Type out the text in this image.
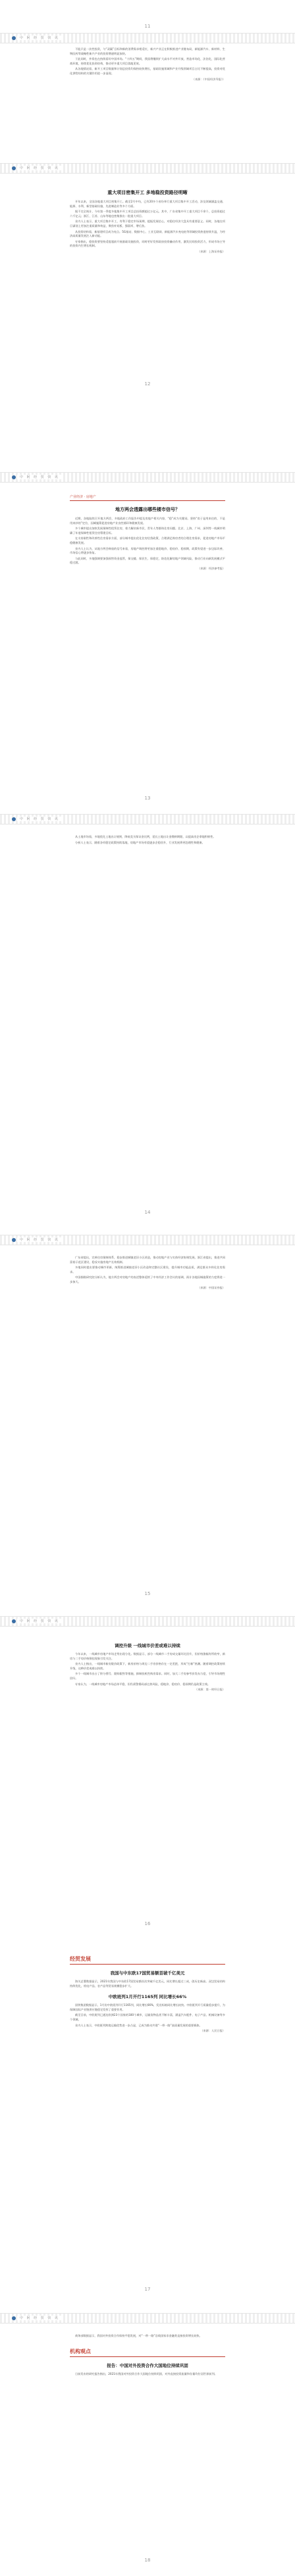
11
中 阿 经 贸 快 讯

不能只是一次性投资，与“双碳”目标和新的消费需求相适应，新兴产业正在积极推进产业链布局，新能源汽车、新材料、生物医药等战略性新兴产业的投资增速明显加快。

于此同时，外资也在持续看好中国市场。“十四五”期间，我国将继续扩大高水平对外开放，营造市场化、法治化、国际化营商环境，持续优化投资结构，推动更多重大项目落地见效。

从各地情况看，新开工项目数量和计划总投资均保持较快增长，基础设施领域和产业升级领域项目占比不断提高，投资对优化供给结构的关键作用进一步显现。

（来源：《中国经济导报》）
12
中 阿 经 贸 快 讯
重大项目密集开工 多地稳投资路径明晰

开年以来，全国各地重大项目密集开工。截至2月中旬，已有20多个省份举行重大项目集中开工活动，涉及领域涵盖交通、能源、水利、新型基础设施、先进制造业等多个方面。

据不完全统计，今年第一季度多地集中开工项目总投资额超过万亿元。其中，广东省集中开工重大项目千余个，总投资超过六千亿元；浙江、江苏、山东等地也密集推出一批重大项目。

业内人士表示，重大项目集中开工，有利于稳定市场预期、提振发展信心，对稳住经济大盘具有重要意义。同时，各地在项目谋划上更加注重质量和效益，聚焦补短板、强弱项、增后劲。

从投资结构看，新基建项目成为亮点。5G基站、数据中心、工业互联网、新能源汽车充电桩等领域投资热度持续升温，为经济高质量发展注入新动能。

专家指出，稳投资要坚持适度超前开展基础设施投资，同时更好发挥政府投资撬动作用，激发民间投资活力，形成市场主导的投资内生增长机制。

（来源：上海证券报）
中 阿 经 贸 快 讯
产业经济 · 房地产
地方两会透露出哪些楼市信号？

近期，各地陆续召开地方两会，多地政府工作报告中提及房地产相关内容，“稳”成为关键词。坚持“房子是用来住的、不是用来炒的”定位，因城施策促进房地产业良性循环和健康发展。

多个城市提出加快发展保障性租赁住房，着力解决新市民、青年人等群体住房问题。北京、上海、广州、深圳等一线城市明确了年度保障性租赁住房筹建目标。

在支持刚性和改善性住房需求方面，部分城市提出优化住房信贷政策，合理满足购房者的合理住房需求，促进房地产市场平稳健康发展。

业内人士认为，从地方两会释放的信号来看，房地产调控将更加注重稳地价、稳房价、稳预期，政策有望进一步边际改善，市场信心将逐步恢复。

与此同时，多地强调要加强预售资金监管，保交楼、保民生、保稳定，防范化解房地产领域风险，推动行业向新发展模式平稳过渡。

（来源：经济参考报）
13
中 阿 经 贸 快 讯

从土地市场看，多地优化土地出让规则，降低竞买保证金比例，延长土地出让金缴纳期限，以提高房企拿地积极性。

分析人士表示，随着各项稳定政策持续落地，房地产市场有望逐步企稳回升，行业发展将更趋理性和健康。

14
中 阿 经 贸 快 讯

广东省提出，完善住房保障体系，稳步推进城镇老旧小区改造，推动房地产业与实体经济协调发展。浙江省提出，推进共同富裕示范区建设，稳妥实施房地产长效机制。

多地同时提出要推动城市更新，统筹推进城镇老旧小区改造和完整社区建设，提升城市功能品质，满足群众多样化住房需求。

中国指数研究院分析认为，地方两会对房地产的表述整体延续了中央经济工作会议的基调，预计各地因城施策的力度将进一步加大。

（来源：中国证券报）
15
中 阿 经 贸 快 讯
调控升级 一线城市价差或难以持续

今年以来，一线城市房地产市场走势出现分化。数据显示，部分一线城市二手房成交量环比回升，但价格涨幅有所收窄，新房与二手房价格倒挂现象引发关注。

业内人士指出，一线城市新房限价政策下，新房价格与周边二手房价格存在一定差距，形成“打新”热潮。随着调控政策持续升级，这种价差或难以持续。

多个一线城市出台了积分摇号、限购限售等措施，抑制投机性购房需求。同时，加大二手房参考价发布力度，引导市场理性回归。

专家认为，一线城市房地产市场总体平稳，但仍需警惕局部过热风险，稳地价、稳房价、稳预期仍是政策主线。

（来源：第一财经日报）
16
经贸发展
我国与中东欧17国贸易额首破千亿美元

海关总署数据显示，2021年我国与中东欧17国贸易额首次突破千亿美元，同比增长超过三成，创历史新高。双边贸易结构持续优化，机电产品、农产品等贸易规模稳步扩大。

中欧班列1月开行1165列 同比增长66%

国铁集团数据显示，1月份中欧班列开行1165列，同比增长66%，发送标箱同比增长较快。中欧班列开行质量稳步提升，为保障国际产业链供应链稳定发挥了重要作用。

截至目前，中欧班列已通达欧洲23个国家的180个城市，运输货物品类不断丰富，涵盖汽车配件、电子产品、机械设备等多个领域。

业内人士表示，中欧班列跨境运输优势进一步凸显，已成为推动共建“一带一路”高质量发展的重要载体。

（来源：人民日报）
17
中 阿 经 贸 快 讯

商务部数据显示，我国对外投资合作保持平稳发展，对“一带一路”沿线国家非金融类直接投资增长较快。

机构观点
报告：中国对外投资合作大国地位持续巩固

日前发布的研究报告指出，2021年我国对外投资合作大国地位持续巩固，对外直接投资流量和存量均位居世界前列。

18
